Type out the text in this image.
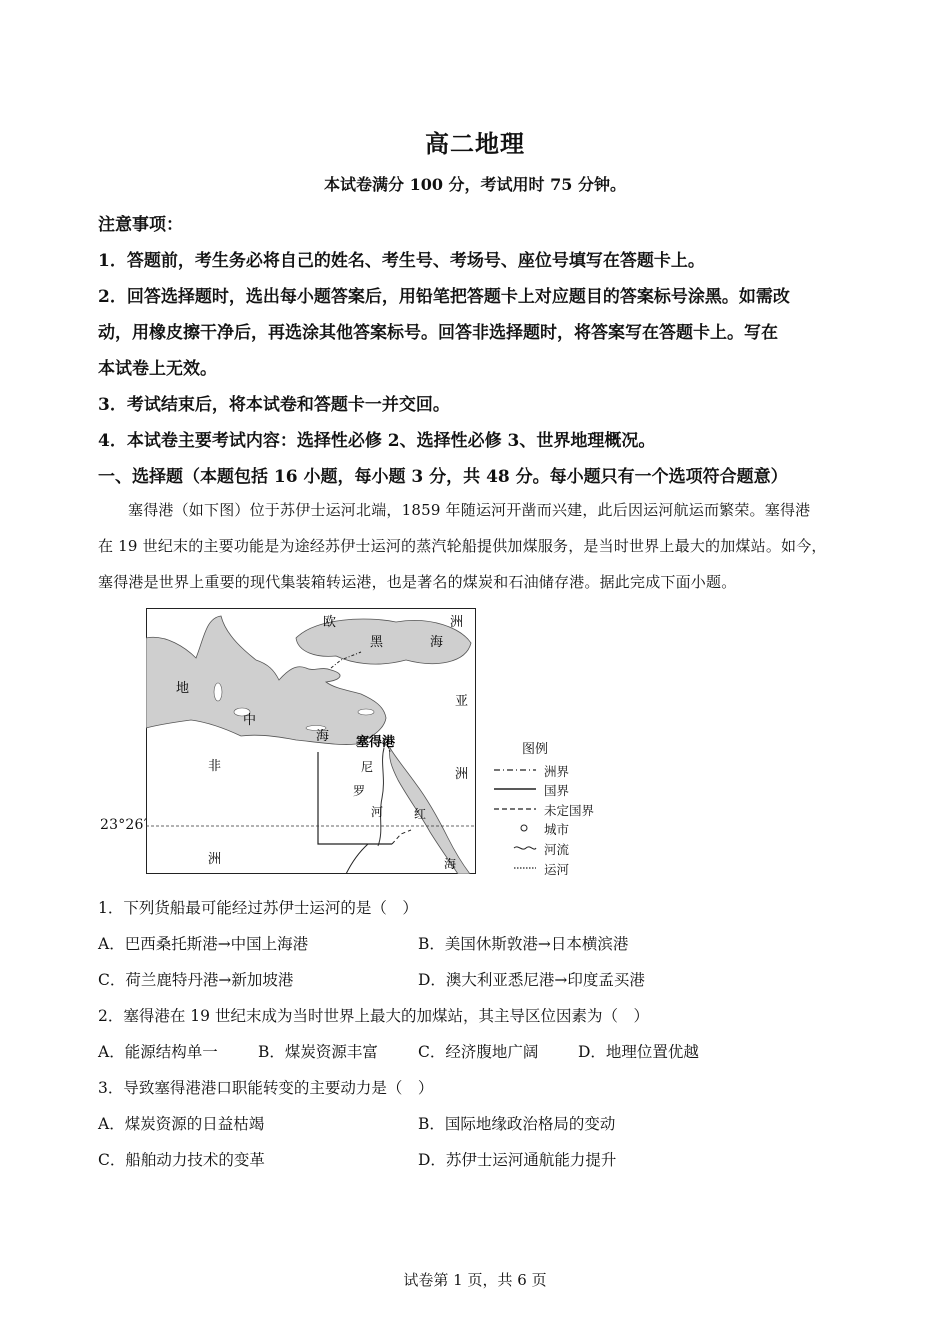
高二地理
本试卷满分 100 分，考试用时 75 分钟。
注意事项：
1．答题前，考生务必将自己的姓名、考生号、考场号、座位号填写在答题卡上。
2．回答选择题时，选出每小题答案后，用铅笔把答题卡上对应题目的答案标号涂黑。如需改
动，用橡皮擦干净后，再选涂其他答案标号。回答非选择题时，将答案写在答题卡上。写在
本试卷上无效。
3．考试结束后，将本试卷和答题卡一并交回。
4．本试卷主要考试内容：选择性必修 2、选择性必修 3、世界地理概况。
一、选择题（本题包括 16 小题，每小题 3 分，共 48 分。每小题只有一个选项符合题意）
塞得港（如下图）位于苏伊士运河北端，1859 年随运河开凿而兴建，此后因运河航运而繁荣。塞得港
在 19 世纪末的主要功能是为途经苏伊士运河的蒸汽轮船提供加煤服务，是当时世界上最大的加煤站。如今，
塞得港是世界上重要的现代集装箱转运港，也是著名的煤炭和石油储存港。据此完成下面小题。
欧	洲
黑	海
亚
洲
地
中
海
非
洲
塞得港
尼
罗
河	红
海
23°26′
图例
洲界
国界
未定国界
城市
河流
运河
1．下列货船最可能经过苏伊士运河的是（　）
A．巴西桑托斯港→中国上海港	B．美国休斯敦港→日本横滨港
C．荷兰鹿特丹港→新加坡港	D．澳大利亚悉尼港→印度孟买港
2．塞得港在 19 世纪末成为当时世界上最大的加煤站，其主导区位因素为（　）
A．能源结构单一	B．煤炭资源丰富	C．经济腹地广阔	D．地理位置优越
3．导致塞得港港口职能转变的主要动力是（　）
A．煤炭资源的日益枯竭	B．国际地缘政治格局的变动
C．船舶动力技术的变革	D．苏伊士运河通航能力提升
试卷第 1 页，共 6 页
